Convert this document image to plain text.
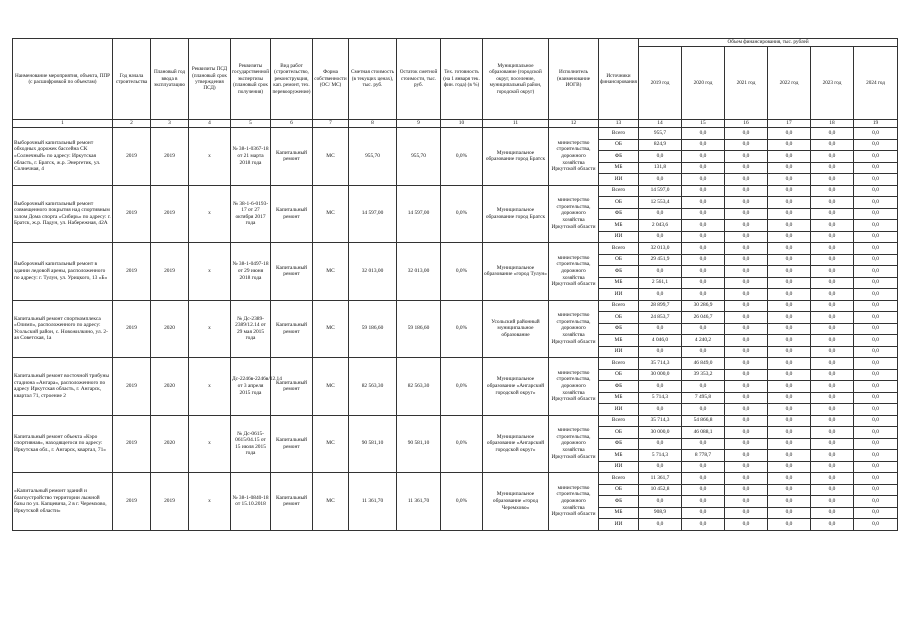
Наименование мероприятия, объекта, ППР (с расшифровкой по объектам)	Год начала строительства	Плановый год ввода в эксплуатацию	Реквизиты ПСД (плановый срок утверждения ПСД)	Реквизиты государственной экспертизы (плановый срок получения)	Вид работ (строительство, реконструкция, кап. ремонт, тех. перевооружение)	Форма собственности (ОС/ МС)	Сметная стоимость (в текущих ценах), тыс. руб.	Остаток сметной стоимости, тыс. руб.	Тех. готовность (на 1 января тек. фин. года) (в %)	Муниципальное образование (городской округ, поселение, муниципальный район, городской округ)	Исполнитель (наименование ИОГВ)	Источники финансирования	Объем финансирования, тыс. рублей					
													2019 год	2020 год	2021 год	2022 год	2023 год	2024 год
1	2	3	4	5	6	7	8	9	10	11	12	13	14	15	16	17	18	19
Выборочный капитальный ремонт обходных дорожек бассейна СК «Солнечный» по адресу: Иркутская область, г. Братск, ж.р. Энергетик, ул. Солнечная, 4	2019	2019	х	№ 38-1-0367-18 от 21 марта 2018 года	Капитальный ремонт	МС	955,70	955,70	0,0%	Муниципальное образование город Братск	министерство строительства, дорожного хозяйства Иркутской области	Всего	955,7	0,0	0,0	0,0	0,0	0,0
												ОБ	824,9	0,0	0,0	0,0	0,0	0,0
												ФБ	0,0	0,0	0,0	0,0	0,0	0,0
												МБ	131,8	0,0	0,0	0,0	0,0	0,0
												ИИ	0,0	0,0	0,0	0,0	0,0	0,0
Выборочный капитальный ремонт совмещенного покрытия над спортивным залом Дома спорта «Сибирь» по адресу: г. Братск, ж.р. Падун, ул. Набережная, 42А	2019	2019	х	№ 38-1-6-0193-17 от 27 октября 2017 года	Капитальный ремонт	МС	14 597,00	14 597,00	0,0%	Муниципальное образование город Братск	министерство строительства, дорожного хозяйства Иркутской области	Всего	14 597,0	0,0	0,0	0,0	0,0	0,0
												ОБ	12 553,4	0,0	0,0	0,0	0,0	0,0
												ФБ	0,0	0,0	0,0	0,0	0,0	0,0
												МБ	2 043,6	0,0	0,0	0,0	0,0	0,0
												ИИ	0,0	0,0	0,0	0,0	0,0	0,0
Выборочный капитальный ремонт в здании ледовой арены, расположенного по адресу: г. Тулун, ул. Урицкого, 13 «Б»	2019	2019	х	№ 38-1-0497-18 от 29 июня 2018 года	Капитальный ремонт	МС	32 013,00	32 013,00	0,0%	Муниципальное образование «город Тулун»	министерство строительства, дорожного хозяйства Иркутской области	Всего	32 013,0	0,0	0,0	0,0	0,0	0,0
												ОБ	29 451,9	0,0	0,0	0,0	0,0	0,0
												ФБ	0,0	0,0	0,0	0,0	0,0	0,0
												МБ	2 561,1	0,0	0,0	0,0	0,0	0,0
												ИИ	0,0	0,0	0,0	0,0	0,0	0,0
Капитальный ремонт спорткомплекса «Олимп», расположенного по адресу: Усольский район, с. Новожилкино, ул. 2-ая Советская, 1а	2019	2020	х	№ Дс-2389-2389/12.14 от 29 мая 2015 года	Капитальный ремонт	МС	59 186,60	59 186,60	0,0%	Усольский районный муниципальное образование	министерство строительства, дорожного хозяйства Иркутской области	Всего	28 899,7	30 286,9	0,0	0,0	0,0	0,0
												ОБ	24 853,7	26 046,7	0,0	0,0	0,0	0,0
												ФБ	0,0	0,0	0,0	0,0	0,0	0,0
												МБ	4 046,0	4 240,2	0,0	0,0	0,0	0,0
												ИИ	0,0	0,0	0,0	0,0	0,0	0,0
Капитальный ремонт восточной трибуны стадиона «Ангара», расположенного по адресу Иркутская область, г. Ангарск, квартал 71, строение 2	2019	2020	х	Дс-2246в-2246в/12.14 от 3 апреля 2015 года	Капитальный ремонт	МС	82 563,30	82 563,30	0,0%	Муниципальное образование «Ангарский городской округ»	министерство строительства, дорожного хозяйства Иркутской области	Всего	35 714,3	46 849,0	0,0	0,0	0,0	0,0
												ОБ	30 000,0	39 353,2	0,0	0,0	0,0	0,0
												ФБ	0,0	0,0	0,0	0,0	0,0	0,0
												МБ	5 714,3	7 495,8	0,0	0,0	0,0	0,0
												ИИ	0,0	0,0	0,0	0,0	0,0	0,0
Капитальный ремонт объекта «Кэро спортивная», находящегося по адресу: Иркутская обл., г. Ангарск, квартал, 71»	2019	2020	х	№ Дс-0615-0615/04.15 от 15 июля 2015 года	Капитальный ремонт	МС	90 581,10	90 581,10	0,0%	Муниципальное образование «Ангарский городской округ»	министерство строительства, дорожного хозяйства Иркутской области	Всего	35 714,3	54 866,8	0,0	0,0	0,0	0,0
												ОБ	30 000,0	46 088,1	0,0	0,0	0,0	0,0
												ФБ	0,0	0,0	0,0	0,0	0,0	0,0
												МБ	5 714,3	8 778,7	0,0	0,0	0,0	0,0
												ИИ	0,0	0,0	0,0	0,0	0,0	0,0
«Капитальный ремонт зданий и благоустройство территории лыжной базы по ул. Капцевича, 2 в г. Черемхово, Иркутской области»	2019	2019	х	№ 38-1-0840-18 от 15.10.2018	Капитальный ремонт	МС	11 361,70	11 361,70	0,0%	Муниципальное образование «город Черемхово»	министерство строительства, дорожного хозяйства Иркутской области	Всего	11 361,7	0,0	0,0	0,0	0,0	0,0
												ОБ	10 452,8	0,0	0,0	0,0	0,0	0,0
												ФБ	0,0	0,0	0,0	0,0	0,0	0,0
												МБ	908,9	0,0	0,0	0,0	0,0	0,0
												ИИ	0,0	0,0	0,0	0,0	0,0	0,0
